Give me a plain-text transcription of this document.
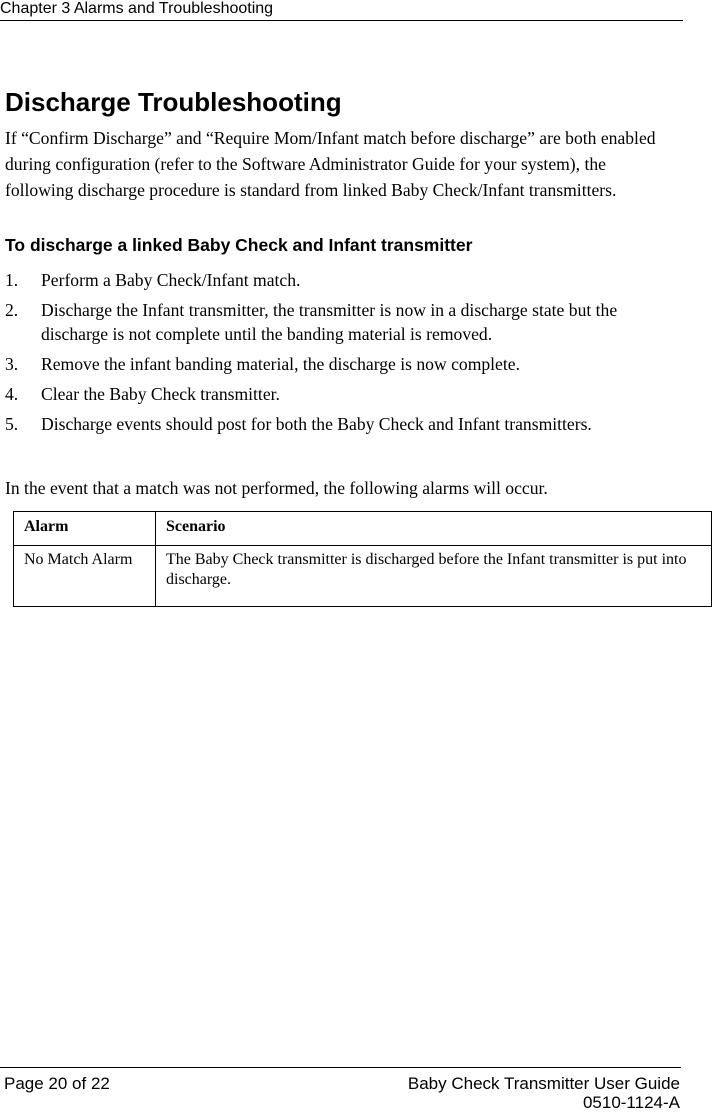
Chapter 3 Alarms and Troubleshooting
Discharge Troubleshooting

If “Confirm Discharge” and “Require Mom/Infant match before discharge” are both enabled during configuration (refer to the Software Administrator Guide for your system), the following discharge procedure is standard from linked Baby Check/Infant transmitters.

To discharge a linked Baby Check and Infant transmitter
1.	Perform a Baby Check/Infant match.
2.	Discharge the Infant transmitter, the transmitter is now in a discharge state but the discharge is not complete until the banding material is removed.
3.	Remove the infant banding material, the discharge is now complete.
4.	Clear the Baby Check transmitter.
5.	Discharge events should post for both the Baby Check and Infant transmitters.

In the event that a match was not performed, the following alarms will occur.

Alarm	Scenario
No Match Alarm	The Baby Check transmitter is discharged before the Infant transmitter is put into discharge.
Page 20 of 22	Baby Check Transmitter User Guide
0510-1124-A
